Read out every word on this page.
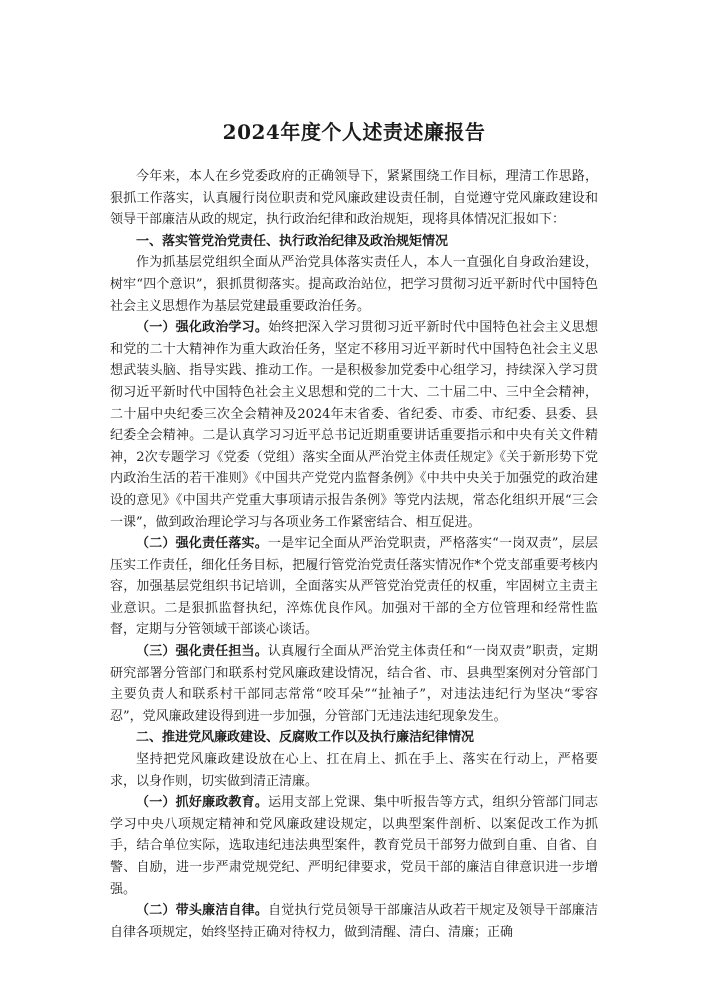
2024年度个人述责述廉报告

今年来，本人在乡党委政府的正确领导下，紧紧围绕工作目标，理清工作思路，狠抓工作落实，认真履行岗位职责和党风廉政建设责任制，自觉遵守党风廉政建设和领导干部廉洁从政的规定，执行政治纪律和政治规矩，现将具体情况汇报如下：

一、落实管党治党责任、执行政治纪律及政治规矩情况

作为抓基层党组织全面从严治党具体落实责任人，本人一直强化自身政治建设，树牢“四个意识”，狠抓贯彻落实。提高政治站位，把学习贯彻习近平新时代中国特色社会主义思想作为基层党建最重要政治任务。

（一）强化政治学习。始终把深入学习贯彻习近平新时代中国特色社会主义思想和党的二十大精神作为重大政治任务，坚定不移用习近平新时代中国特色社会主义思想武装头脑、指导实践、推动工作。一是积极参加党委中心组学习，持续深入学习贯彻习近平新时代中国特色社会主义思想和党的二十大、二十届二中、三中全会精神，二十届中央纪委三次全会精神及2024年末省委、省纪委、市委、市纪委、县委、县纪委全会精神。二是认真学习习近平总书记近期重要讲话重要指示和中央有关文件精神，2次专题学习《党委（党组）落实全面从严治党主体责任规定》《关于新形势下党内政治生活的若干准则》《中国共产党党内监督条例》《中共中央关于加强党的政治建设的意见》《中国共产党重大事项请示报告条例》等党内法规，常态化组织开展“三会一课”，做到政治理论学习与各项业务工作紧密结合、相互促进。

（二）强化责任落实。一是牢记全面从严治党职责，严格落实“一岗双责”，层层压实工作责任，细化任务目标，把履行管党治党责任落实情况作*个党支部重要考核内容，加强基层党组织书记培训，全面落实从严管党治党责任的权重，牢固树立主责主业意识。二是狠抓监督执纪，淬炼优良作风。加强对干部的全方位管理和经常性监督，定期与分管领域干部谈心谈话。

（三）强化责任担当。认真履行全面从严治党主体责任和“一岗双责”职责，定期研究部署分管部门和联系村党风廉政建设情况，结合省、市、县典型案例对分管部门主要负责人和联系村干部同志常常“咬耳朵”“扯袖子”，对违法违纪行为坚决“零容忍”，党风廉政建设得到进一步加强，分管部门无违法违纪现象发生。

二、推进党风廉政建设、反腐败工作以及执行廉洁纪律情况

坚持把党风廉政建设放在心上、扛在肩上、抓在手上、落实在行动上，严格要求，以身作则，切实做到清正清廉。

（一）抓好廉政教育。运用支部上党课、集中听报告等方式，组织分管部门同志学习中央八项规定精神和党风廉政建设规定，以典型案件剖析、以案促改工作为抓手，结合单位实际，选取违纪违法典型案件，教育党员干部努力做到自重、自省、自警、自励，进一步严肃党规党纪、严明纪律要求，党员干部的廉洁自律意识进一步增强。

（二）带头廉洁自律。自觉执行党员领导干部廉洁从政若干规定及领导干部廉洁自律各项规定，始终坚持正确对待权力，做到清醒、清白、清廉；正确
